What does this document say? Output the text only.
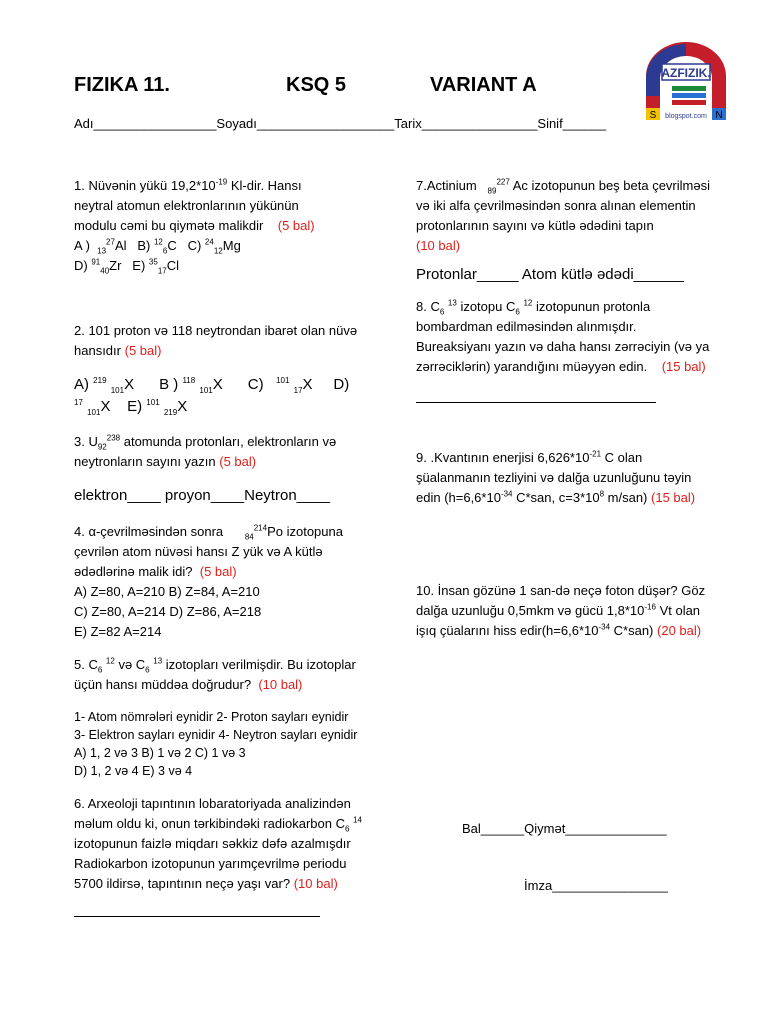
FIZIKA 11.	KSQ 5	VARIANT A
Adı_________________Soyadı___________________Tarix________________Sinif______
AZFIZIK.
S	N
blogspot.com

1. Nüvənin yükü $19,2*10^{-19}$ Kl-dir. Hansı

neytral atomun elektronlarının yükünün

modulu cəmi bu qiymətə malikdir (5 bal)

A ) $_{13}^{27}$Al B) $^{12}_6$C C) $^{24}_{12}$Mg

D) $^{91}_{40}$Zr E) $^{35}_{17}$Cl

2. 101 proton və 118 neytrondan ibarət olan nüvə

hansıdır (5 bal)

A) $^{219}$ $_{101}$X B ) $^{118}$ $_{101}$X C) $^{101}$ $_{17}$X D)
$^{17}$ $_{101}$X E) $^{101}$ $_{219}$X

3. $U_{92}^{238}$ atomunda protonları, elektronların və

neytronların sayını yazın (5 bal)

elektron____ proyon____Neytron____

4. α-çevrilməsindən sonra	$_{84}^{214}$Po izotopuna

çevrilən atom nüvəsi hansı Z yük və A kütlə

ədədlərinə malik idi? (5 bal)

A) Z=80, A=210 B) Z=84, A=210

C) Z=80, A=214 D) Z=86, A=218

E) Z=82 A=214

5. $C_6$ $^{12}$ və $C_6$ $^{13}$ izotopları verilmişdir. Bu izotoplar

üçün hansı müddəa doğrudur? (10 bal)

1- Atom nömrələri eynidir 2- Proton sayları eynidir

3- Elektron sayları eynidir 4- Neytron sayları eynidir

A) 1, 2 və 3 B) 1 və 2 C) 1 və 3

D) 1, 2 və 4 E) 3 və 4

6. Arxeoloji tapıntının lobaratoriyada analizindən

məlum oldu ki, onun tərkibindəki radiokarbon $C_6$ $^{14}$

izotopunun faizlə miqdarı səkkiz dəfə azalmışdır

Radiokarbon izotopunun yarımçevrilmə periodu

5700 ildirsə, tapıntının neçə yaşı var? (10 bal)

7.Actinium $_{89}^{227}$ Ac izotopunun beş beta çevrilməsi

və iki alfa çevrilməsindən sonra alınan elementin

protonlarının sayını və kütlə ədədini tapın

(10 bal)

Protonlar_____ Atom kütlə ədədi______

8. $C_6$ $^{13}$ izotopu $C_6$ $^{12}$ izotopunun protonla

bombardman edilməsindən alınmışdır.

Bureaksiyanı yazın və daha hansı zərrəciyin (və ya

zərrəciklərin) yarandığını müəyyən edin. (15 bal)

9. .Kvantının enerjisi $6,626*10^{-21}$ C olan

şüalanmanın tezliyini və dalğa uzunluğunu təyin

edin ($h=6,6*10^{-34}$ C*san, $c=3*10^8$ m/san) (15 bal)

10. İnsan gözünə 1 san-də neçə foton düşər? Göz

dalğa uzunluğu 0,5mkm və gücü $1,8*10^{-16}$ Vt olan

işıq çüalarını hiss $edir(h=6,6*10^{-34}$ C*san) (20 bal)

Bal______Qiymət______________
İmza________________
